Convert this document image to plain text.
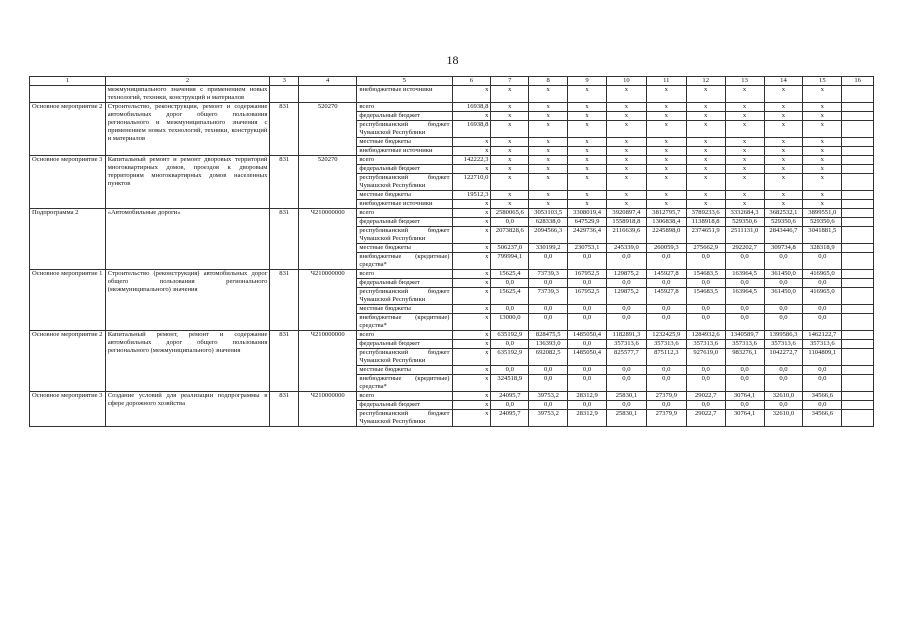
18
1	2	3	4	5	6	7	8	9	10	11	12	13	14	15	16
	межмуниципального значения с применением новых технологий, техники, конструкций и материалов			внебюджетные источники	x	x	x	x	x	x	x	x	x	x	
Основное мероприятие 2	Строительство, реконструкция, ремонт и содержание автомобильных дорог общего пользования регионального и межмуниципального значения с применением новых технологий, техники, конструкций и материалов	831	520270	всего	16938,8	x	x	x	x	x	x	x	x	x	
				федеральный бюджет	x	x	x	x	x	x	x	x	x	x	
				республиканский бюджет Чувашской Республики	16938,8	x	x	x	x	x	x	x	x	x	
				местные бюджеты	x	x	x	x	x	x	x	x	x	x	
				внебюджетные источники	x	x	x	x	x	x	x	x	x	x	
Основное мероприятие 3	Капитальный ремонт и ремонт дворовых территорий многоквартирных домов, проездов к дворовым территориям многоквартирных домов населенных пунктов	831	520270	всего	142222,3	x	x	x	x	x	x	x	x	x	
				федеральный бюджет	x	x	x	x	x	x	x	x	x	x	
				республиканский бюджет Чувашской Республики	122710,0	x	x	x	x	x	x	x	x	x	
				местные бюджеты	19512,3	x	x	x	x	x	x	x	x	x	
				внебюджетные источники	x	x	x	x	x	x	x	x	x	x	
Подпрограмма 2	«Автомобильные дороги»	831	Ч210000000	всего	x	2580065,6	3053103,5	3308019,4	3920897,4	3812795,7	3789233,6	3332684,3	3682532,1	3899551,0	
				федеральный бюджет	x	0,0	628338,0	647529,9	1558918,8	1306838,4	1138918,8	529350,6	529350,6	529350,6	
				республиканский бюджет Чувашской Республики	x	2073828,6	2094566,3	2429736,4	2116639,6	2245898,0	2374651,9	2511131,0	2843446,7	3041881,5	
				местные бюджеты	x	506237,0	330199,2	230753,1	245339,0	260059,3	275662,9	292202,7	309734,8	328318,9	
				внебюджетные (кредитные) средства*	x	799994,1	0,0	0,0	0,0	0,0	0,0	0,0	0,0	0,0	
Основное мероприятие 1	Строительство (реконструкция) автомобильных дорог общего пользования регионального (межмуниципального) значения	831	Ч210000000	всего	x	15625,4	73739,3	167952,5	129875,2	145927,8	154683,5	163964,5	361450,0	416965,0	
				федеральный бюджет	x	0,0	0,0	0,0	0,0	0,0	0,0	0,0	0,0	0,0	
				республиканский бюджет Чувашской Республики	x	15625,4	73739,3	167952,5	129875,2	145927,8	154683,5	163964,5	361450,0	416965,0	
				местные бюджеты	x	0,0	0,0	0,0	0,0	0,0	0,0	0,0	0,0	0,0	
				внебюджетные (кредитные) средства*	x	13000,0	0,0	0,0	0,0	0,0	0,0	0,0	0,0	0,0	
Основное мероприятие 2	Капитальный ремонт, ремонт и содержание автомобильных дорог общего пользования регионального (межмуниципального) значения	831	Ч210000000	всего	x	635192,9	828475,5	1485050,4	1182891,3	1232425,9	1284932,6	1340589,7	1399586,3	1462122,7	
				федеральный бюджет	x	0,0	136393,0	0,0	357313,6	357313,6	357313,6	357313,6	357313,6	357313,6	
				республиканский бюджет Чувашской Республики	x	635192,9	692082,5	1485050,4	825577,7	875112,3	927619,0	983276,1	1042272,7	1104809,1	
				местные бюджеты	x	0,0	0,0	0,0	0,0	0,0	0,0	0,0	0,0	0,0	
				внебюджетные (кредитные) средства*	x	324518,9	0,0	0,0	0,0	0,0	0,0	0,0	0,0	0,0	
Основное мероприятие 3	Создание условий для реализации подпрограммы в сфере дорожного хозяйства	831	Ч210000000	всего	x	24095,7	39753,2	28312,9	25830,1	27379,9	29022,7	30764,1	32610,0	34566,6	
				федеральный бюджет	x	0,0	0,0	0,0	0,0	0,0	0,0	0,0	0,0	0,0	
				республиканский бюджет Чувашской Республики	x	24095,7	39753,2	28312,9	25830,1	27379,9	29022,7	30764,1	32610,0	34566,6	
